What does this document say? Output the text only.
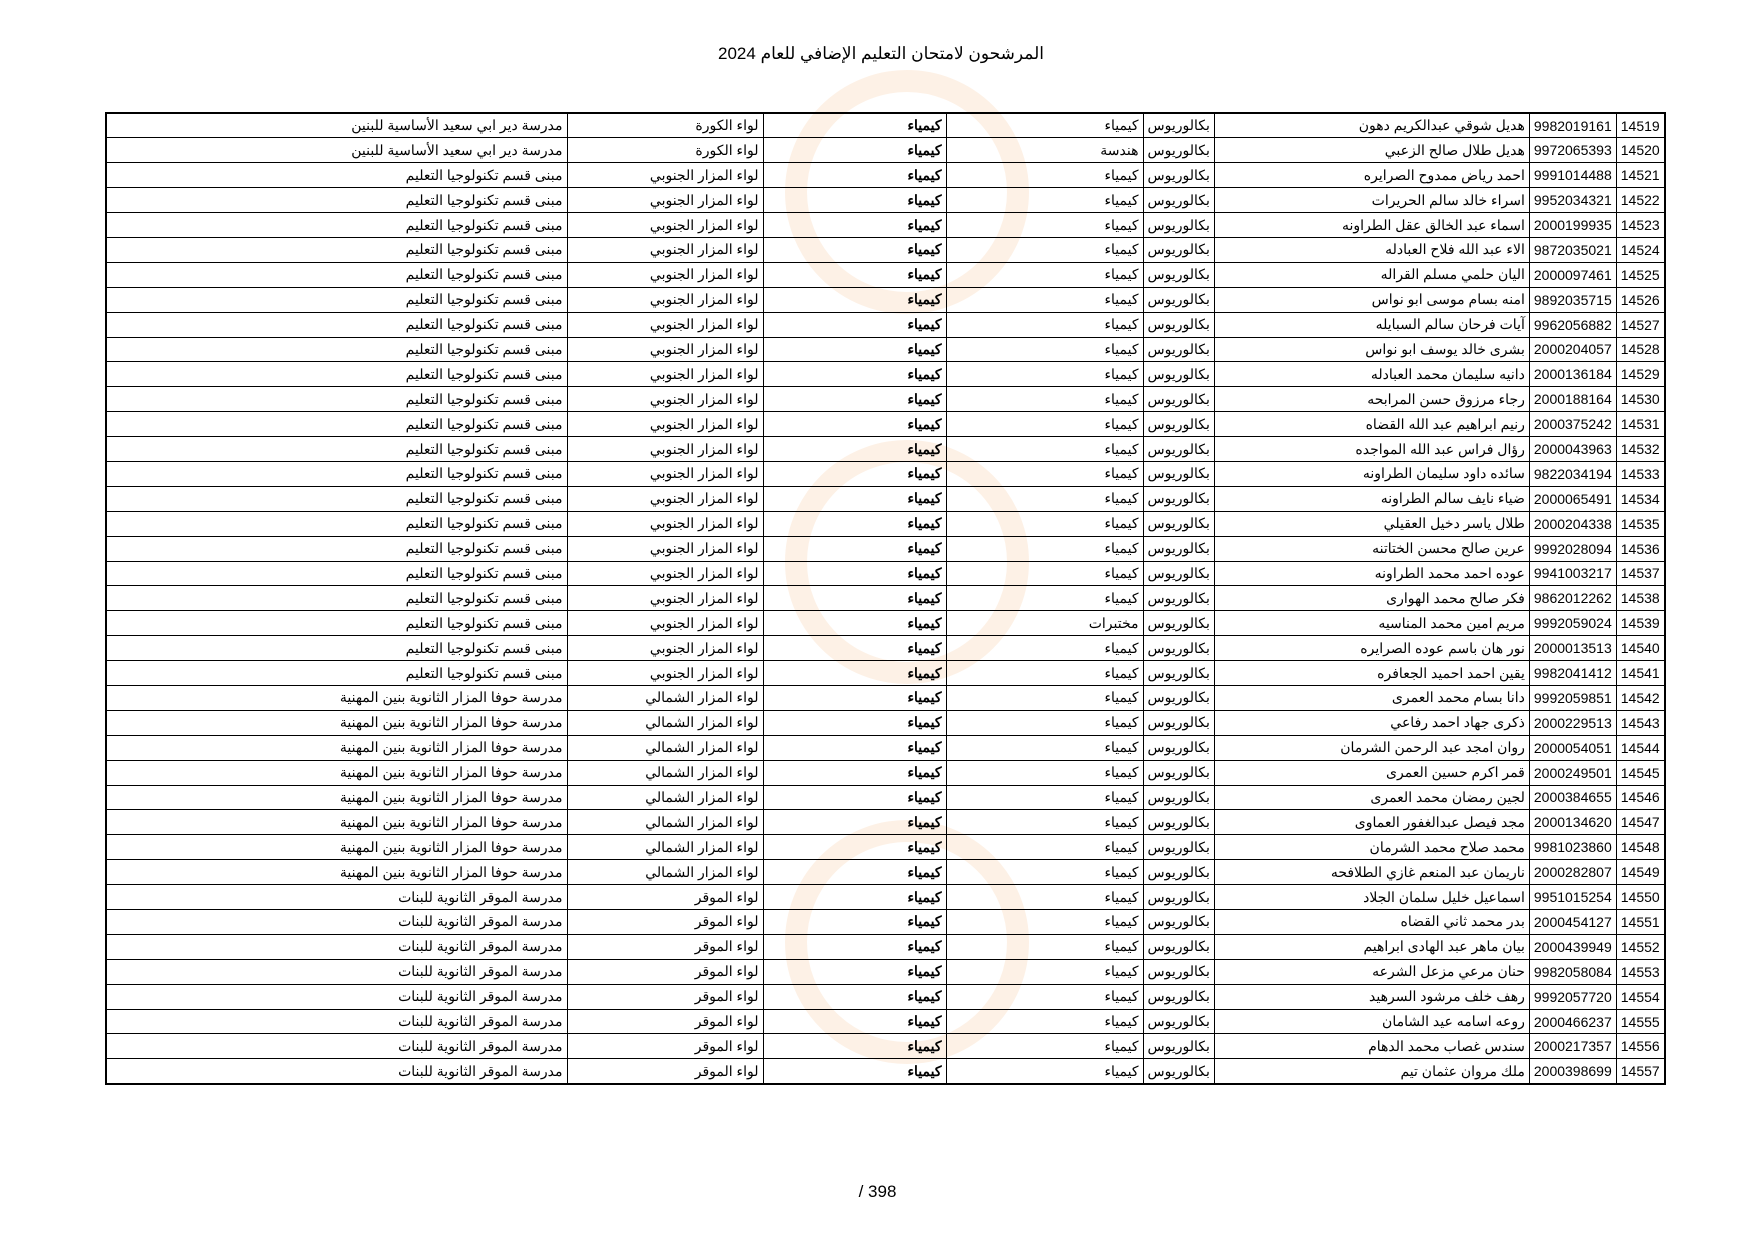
المرشحون لامتحان التعليم الإضافي للعام 2024
14519	9982019161	هديل شوقي عبدالكريم دهون	بكالوريوس	كيمياء	كيمياء	لواء الكورة	مدرسة دير ابي سعيد الأساسية للبنين
14520	9972065393	هديل طلال صالح الزعبي	بكالوريوس	هندسة	كيمياء	لواء الكورة	مدرسة دير ابي سعيد الأساسية للبنين
14521	9991014488	احمد رياض ممدوح الصرايره	بكالوريوس	كيمياء	كيمياء	لواء المزار الجنوبي	مبنى قسم تكنولوجيا التعليم
14522	9952034321	اسراء خالد سالم الحريرات	بكالوريوس	كيمياء	كيمياء	لواء المزار الجنوبي	مبنى قسم تكنولوجيا التعليم
14523	2000199935	اسماء عبد الخالق عقل الطراونه	بكالوريوس	كيمياء	كيمياء	لواء المزار الجنوبي	مبنى قسم تكنولوجيا التعليم
14524	9872035021	الاء عبد الله فلاح العبادله	بكالوريوس	كيمياء	كيمياء	لواء المزار الجنوبي	مبنى قسم تكنولوجيا التعليم
14525	2000097461	اليان حلمي مسلم القراله	بكالوريوس	كيمياء	كيمياء	لواء المزار الجنوبي	مبنى قسم تكنولوجيا التعليم
14526	9892035715	امنه بسام موسى ابو نواس	بكالوريوس	كيمياء	كيمياء	لواء المزار الجنوبي	مبنى قسم تكنولوجيا التعليم
14527	9962056882	آيات فرحان سالم السبايله	بكالوريوس	كيمياء	كيمياء	لواء المزار الجنوبي	مبنى قسم تكنولوجيا التعليم
14528	2000204057	بشرى خالد يوسف ابو نواس	بكالوريوس	كيمياء	كيمياء	لواء المزار الجنوبي	مبنى قسم تكنولوجيا التعليم
14529	2000136184	دانيه سليمان محمد العبادله	بكالوريوس	كيمياء	كيمياء	لواء المزار الجنوبي	مبنى قسم تكنولوجيا التعليم
14530	2000188164	رجاء مرزوق حسن المرابحه	بكالوريوس	كيمياء	كيمياء	لواء المزار الجنوبي	مبنى قسم تكنولوجيا التعليم
14531	2000375242	رنيم ابراهيم عبد الله القضاه	بكالوريوس	كيمياء	كيمياء	لواء المزار الجنوبي	مبنى قسم تكنولوجيا التعليم
14532	2000043963	رؤال فراس عبد الله المواجده	بكالوريوس	كيمياء	كيمياء	لواء المزار الجنوبي	مبنى قسم تكنولوجيا التعليم
14533	9822034194	سائده داود سليمان الطراونه	بكالوريوس	كيمياء	كيمياء	لواء المزار الجنوبي	مبنى قسم تكنولوجيا التعليم
14534	2000065491	ضياء نايف سالم الطراونه	بكالوريوس	كيمياء	كيمياء	لواء المزار الجنوبي	مبنى قسم تكنولوجيا التعليم
14535	2000204338	طلال ياسر دخيل العقيلي	بكالوريوس	كيمياء	كيمياء	لواء المزار الجنوبي	مبنى قسم تكنولوجيا التعليم
14536	9992028094	عرين صالح محسن الختاتنه	بكالوريوس	كيمياء	كيمياء	لواء المزار الجنوبي	مبنى قسم تكنولوجيا التعليم
14537	9941003217	عوده احمد محمد الطراونه	بكالوريوس	كيمياء	كيمياء	لواء المزار الجنوبي	مبنى قسم تكنولوجيا التعليم
14538	9862012262	فكر صالح محمد الهوارى	بكالوريوس	كيمياء	كيمياء	لواء المزار الجنوبي	مبنى قسم تكنولوجيا التعليم
14539	9992059024	مريم امين محمد المناسيه	بكالوريوس	مختبرات	كيمياء	لواء المزار الجنوبي	مبنى قسم تكنولوجيا التعليم
14540	2000013513	نور هان باسم عوده الصرايره	بكالوريوس	كيمياء	كيمياء	لواء المزار الجنوبي	مبنى قسم تكنولوجيا التعليم
14541	9982041412	يقين احمد احميد الجعافره	بكالوريوس	كيمياء	كيمياء	لواء المزار الجنوبي	مبنى قسم تكنولوجيا التعليم
14542	9992059851	دانا بسام محمد العمرى	بكالوريوس	كيمياء	كيمياء	لواء المزار الشمالي	مدرسة حوفا المزار الثانوية بنين المهنية
14543	2000229513	ذكرى جهاد احمد رفاعي	بكالوريوس	كيمياء	كيمياء	لواء المزار الشمالي	مدرسة حوفا المزار الثانوية بنين المهنية
14544	2000054051	روان امجد عبد الرحمن الشرمان	بكالوريوس	كيمياء	كيمياء	لواء المزار الشمالي	مدرسة حوفا المزار الثانوية بنين المهنية
14545	2000249501	قمر اكرم حسين العمرى	بكالوريوس	كيمياء	كيمياء	لواء المزار الشمالي	مدرسة حوفا المزار الثانوية بنين المهنية
14546	2000384655	لجين رمضان محمد العمرى	بكالوريوس	كيمياء	كيمياء	لواء المزار الشمالي	مدرسة حوفا المزار الثانوية بنين المهنية
14547	2000134620	مجد فيصل عبدالغفور العماوى	بكالوريوس	كيمياء	كيمياء	لواء المزار الشمالي	مدرسة حوفا المزار الثانوية بنين المهنية
14548	9981023860	محمد صلاح محمد الشرمان	بكالوريوس	كيمياء	كيمياء	لواء المزار الشمالي	مدرسة حوفا المزار الثانوية بنين المهنية
14549	2000282807	ناريمان عبد المنعم غازي الطلافحه	بكالوريوس	كيمياء	كيمياء	لواء المزار الشمالي	مدرسة حوفا المزار الثانوية بنين المهنية
14550	9951015254	اسماعيل خليل سلمان الجلاد	بكالوريوس	كيمياء	كيمياء	لواء الموقر	مدرسة الموقر الثانوية للبنات
14551	2000454127	بدر محمد ثاني القضاه	بكالوريوس	كيمياء	كيمياء	لواء الموقر	مدرسة الموقر الثانوية للبنات
14552	2000439949	بيان ماهر عبد الهادى ابراهيم	بكالوريوس	كيمياء	كيمياء	لواء الموقر	مدرسة الموقر الثانوية للبنات
14553	9982058084	حنان مرعي مزعل الشرعه	بكالوريوس	كيمياء	كيمياء	لواء الموقر	مدرسة الموقر الثانوية للبنات
14554	9992057720	رهف خلف مرشود السرهيد	بكالوريوس	كيمياء	كيمياء	لواء الموقر	مدرسة الموقر الثانوية للبنات
14555	2000466237	روعه اسامه عيد الشامان	بكالوريوس	كيمياء	كيمياء	لواء الموقر	مدرسة الموقر الثانوية للبنات
14556	2000217357	سندس غصاب محمد الدهام	بكالوريوس	كيمياء	كيمياء	لواء الموقر	مدرسة الموقر الثانوية للبنات
14557	2000398699	ملك مروان عثمان تيم	بكالوريوس	كيمياء	كيمياء	لواء الموقر	مدرسة الموقر الثانوية للبنات
398 /
